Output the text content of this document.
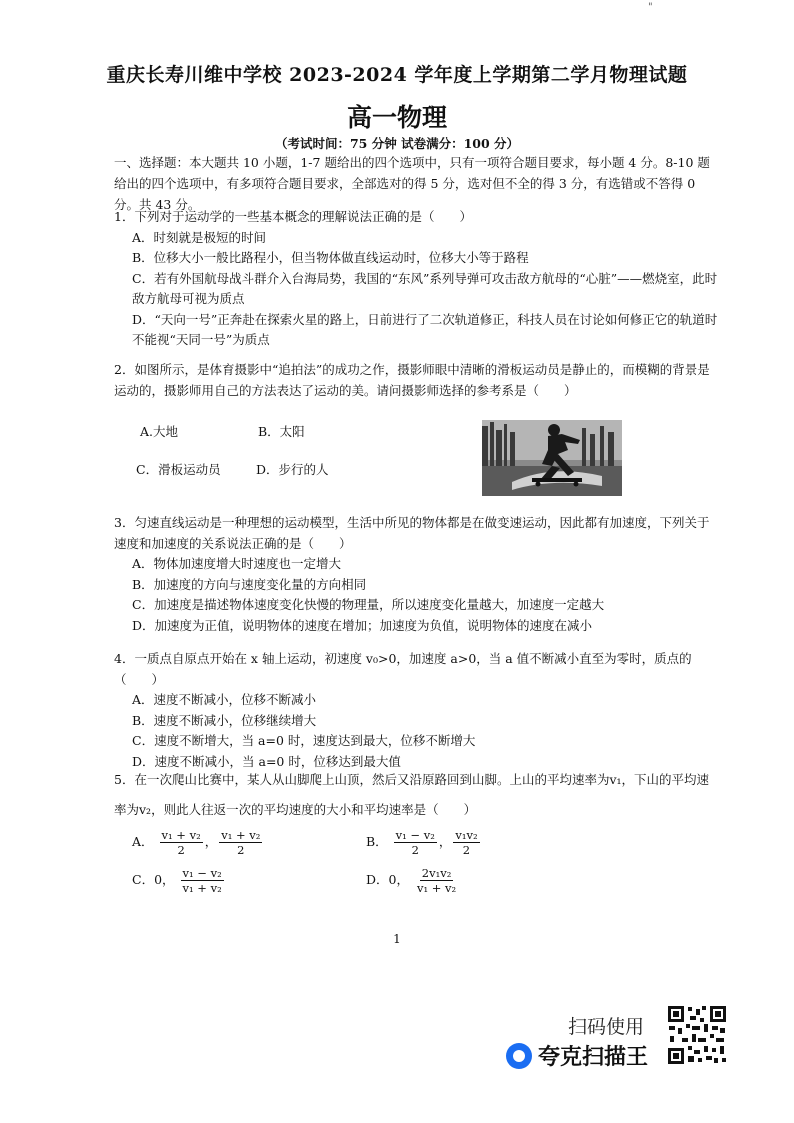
"
重庆长寿川维中学校 2023-2024 学年度上学期第二学月物理试题
高一物理
（考试时间：75 分钟 试卷满分：100 分）
一、选择题：本大题共 10 小题，1-7 题给出的四个选项中，只有一项符合题目要求，每小题 4 分。8-10 题给出的四个选项中，有多项符合题目要求，全部选对的得 5 分，选对但不全的得 3 分，有选错或不答得 0 分。共 43 分。
1．下列对于运动学的一些基本概念的理解说法正确的是（　　）
A．时刻就是极短的时间
B．位移大小一般比路程小，但当物体做直线运动时，位移大小等于路程
C．若有外国航母战斗群介入台海局势，我国的“东风”系列导弹可攻击敌方航母的“心脏”——燃烧室，此时敌方航母可视为质点
D．“天向一号”正奔赴在探索火星的路上，日前进行了二次轨道修正，科技人员在讨论如何修正它的轨道时不能视“天同一号”为质点
2．如图所示，是体育摄影中“追拍法”的成功之作，摄影师眼中清晰的滑板运动员是静止的，而模糊的背景是运动的，摄影师用自己的方法表达了运动的美。请问摄影师选择的参考系是（　　）
A.大地	B．太阳
C．滑板运动员	D．步行的人
3．匀速直线运动是一种理想的运动模型，生活中所见的物体都是在做变速运动，因此都有加速度，下列关于速度和加速度的关系说法正确的是（　　）
A．物体加速度增大时速度也一定增大
B．加速度的方向与速度变化量的方向相同
C．加速度是描述物体速度变化快慢的物理量，所以速度变化量越大，加速度一定越大
D．加速度为正值，说明物体的速度在增加；加速度为负值，说明物体的速度在减小
4．一质点自原点开始在 x 轴上运动，初速度 v₀>0，加速度 a>0，当 a 值不断减小直至为零时，质点的（　　）
A．速度不断减小，位移不断减小
B．速度不断减小，位移继续增大
C．速度不断增大，当 a=0 时，速度达到最大，位移不断增大
D．速度不断减小，当 a=0 时，位移达到最大值
5．在一次爬山比赛中，某人从山脚爬上山顶，然后又沿原路回到山脚。上山的平均速率为v₁，下山的平均速率为v₂，则此人往返一次的平均速度的大小和平均速率是（　　）
A． $\frac{\text{v₁ + v₂}}{2}$ ， $\frac{\text{v₁ + v₂}}{2}$	B． $\frac{\text{v₁ − v₂}}{2}$ ， $\frac{\text{v₁v₂}}{2}$
C．0， $\frac{\text{v₁ − v₂}}{\text{v₁ + v₂}}$	D．0， $\frac{\text{2v₁v₂}}{\text{v₁ + v₂}}$
1
扫码使用
夸克扫描王
